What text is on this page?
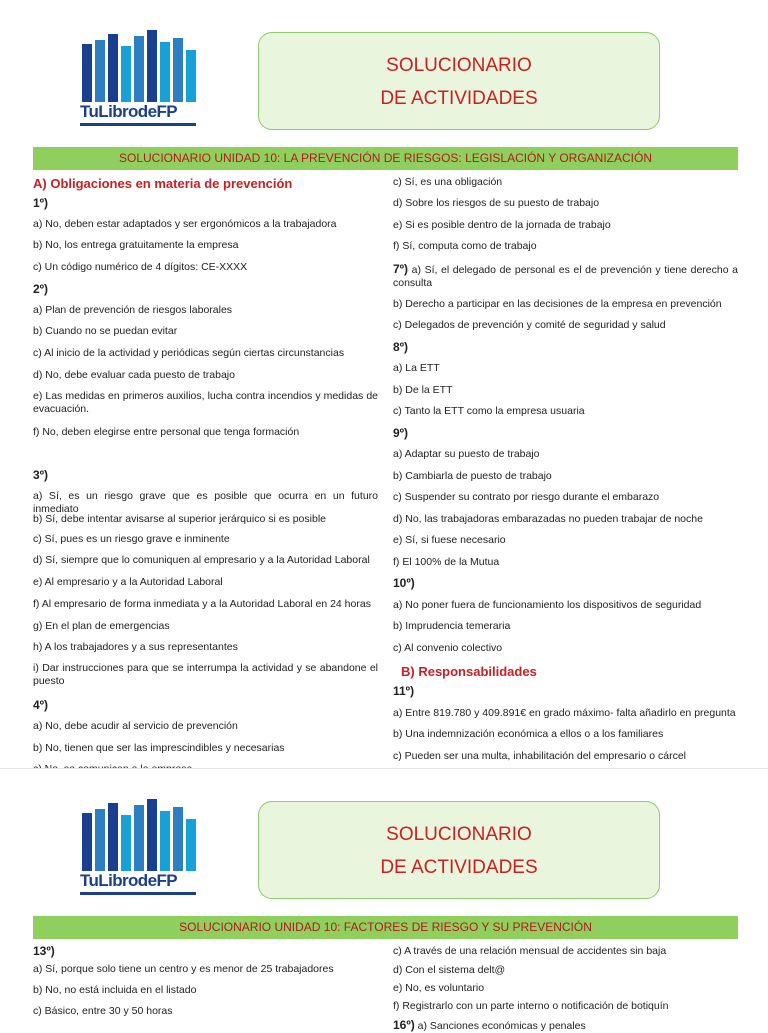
TuLibrodeFP
SOLUCIONARIO
DE ACTIVIDADES
SOLUCIONARIO UNIDAD 10: LA PREVENCIÓN DE RIESGOS: LEGISLACIÓN Y ORGANIZACIÓN
A) Obligaciones en materia de prevención
1º)
a) No, deben estar adaptados y ser ergonómicos a la trabajadora
b) No, los entrega gratuitamente la empresa
c) Un código numérico de 4 dígitos: CE-XXXX
2º)
a) Plan de prevención de riesgos laborales
b) Cuando no se puedan evitar
c) Al inicio de la actividad y periódicas según ciertas circunstancias
d) No, debe evaluar cada puesto de trabajo
e) Las medidas en primeros auxilios, lucha contra incendios y medidas de evacuación.
f) No, deben elegirse entre personal que tenga formación
3º)
a) Sí, es un riesgo grave que es posible que ocurra en un futuro inmediato
b) Sí, debe intentar avisarse al superior jerárquico si es posible
c) Sí, pues es un riesgo grave e inminente
d) Sí, siempre que lo comuniquen al empresario y a la Autoridad Laboral
e) Al empresario y a la Autoridad Laboral
f) Al empresario de forma inmediata y a la Autoridad Laboral en 24 horas
g) En el plan de emergencias
h) A los trabajadores y a sus representantes
i) Dar instrucciones para que se interrumpa la actividad y se abandone el puesto
4º)
a) No, debe acudir al servicio de prevención
b) No, tienen que ser las imprescindibles y necesarias
c) Sí, es una obligación
d) Sobre los riesgos de su puesto de trabajo
e) Si es posible dentro de la jornada de trabajo
f) Sí, computa como de trabajo
7º) a) Sí, el delegado de personal es el de prevención y tiene derecho a consulta
b) Derecho a participar en las decisiones de la empresa en prevención
c) Delegados de prevención y comité de seguridad y salud
8º)
a) La ETT
b) De la ETT
c) Tanto la ETT como la empresa usuaria
9º)
a) Adaptar su puesto de trabajo
b) Cambiarla de puesto de trabajo
c) Suspender su contrato por riesgo durante el embarazo
d) No, las trabajadoras embarazadas no pueden trabajar de noche
e) Sí, si fuese necesario
f) El 100% de la Mutua
10º)
a) No poner fuera de funcionamiento los dispositivos de seguridad
b) Imprudencia temeraria
c) Al convenio colectivo
B) Responsabilidades
11º)
a) Entre 819.780 y 409.891€ en grado máximo- falta añadirlo en pregunta
b) Una indemnización económica a ellos o a los familiares
c) Pueden ser una multa, inhabilitación del empresario o cárcel
TuLibrodeFP
SOLUCIONARIO
DE ACTIVIDADES
SOLUCIONARIO UNIDAD 10: FACTORES DE RIESGO Y SU PREVENCIÓN
13º)
a) Sí, porque solo tiene un centro y es menor de 25 trabajadores
b) No, no está incluida en el listado
c) Básico, entre 30 y 50 horas
c) A través de una relación mensual de accidentes sin baja
d) Con el sistema delt@
e) No, es voluntario
f) Registrarlo con un parte interno o notificación de botiquín
16º) a) Sanciones económicas y penales
